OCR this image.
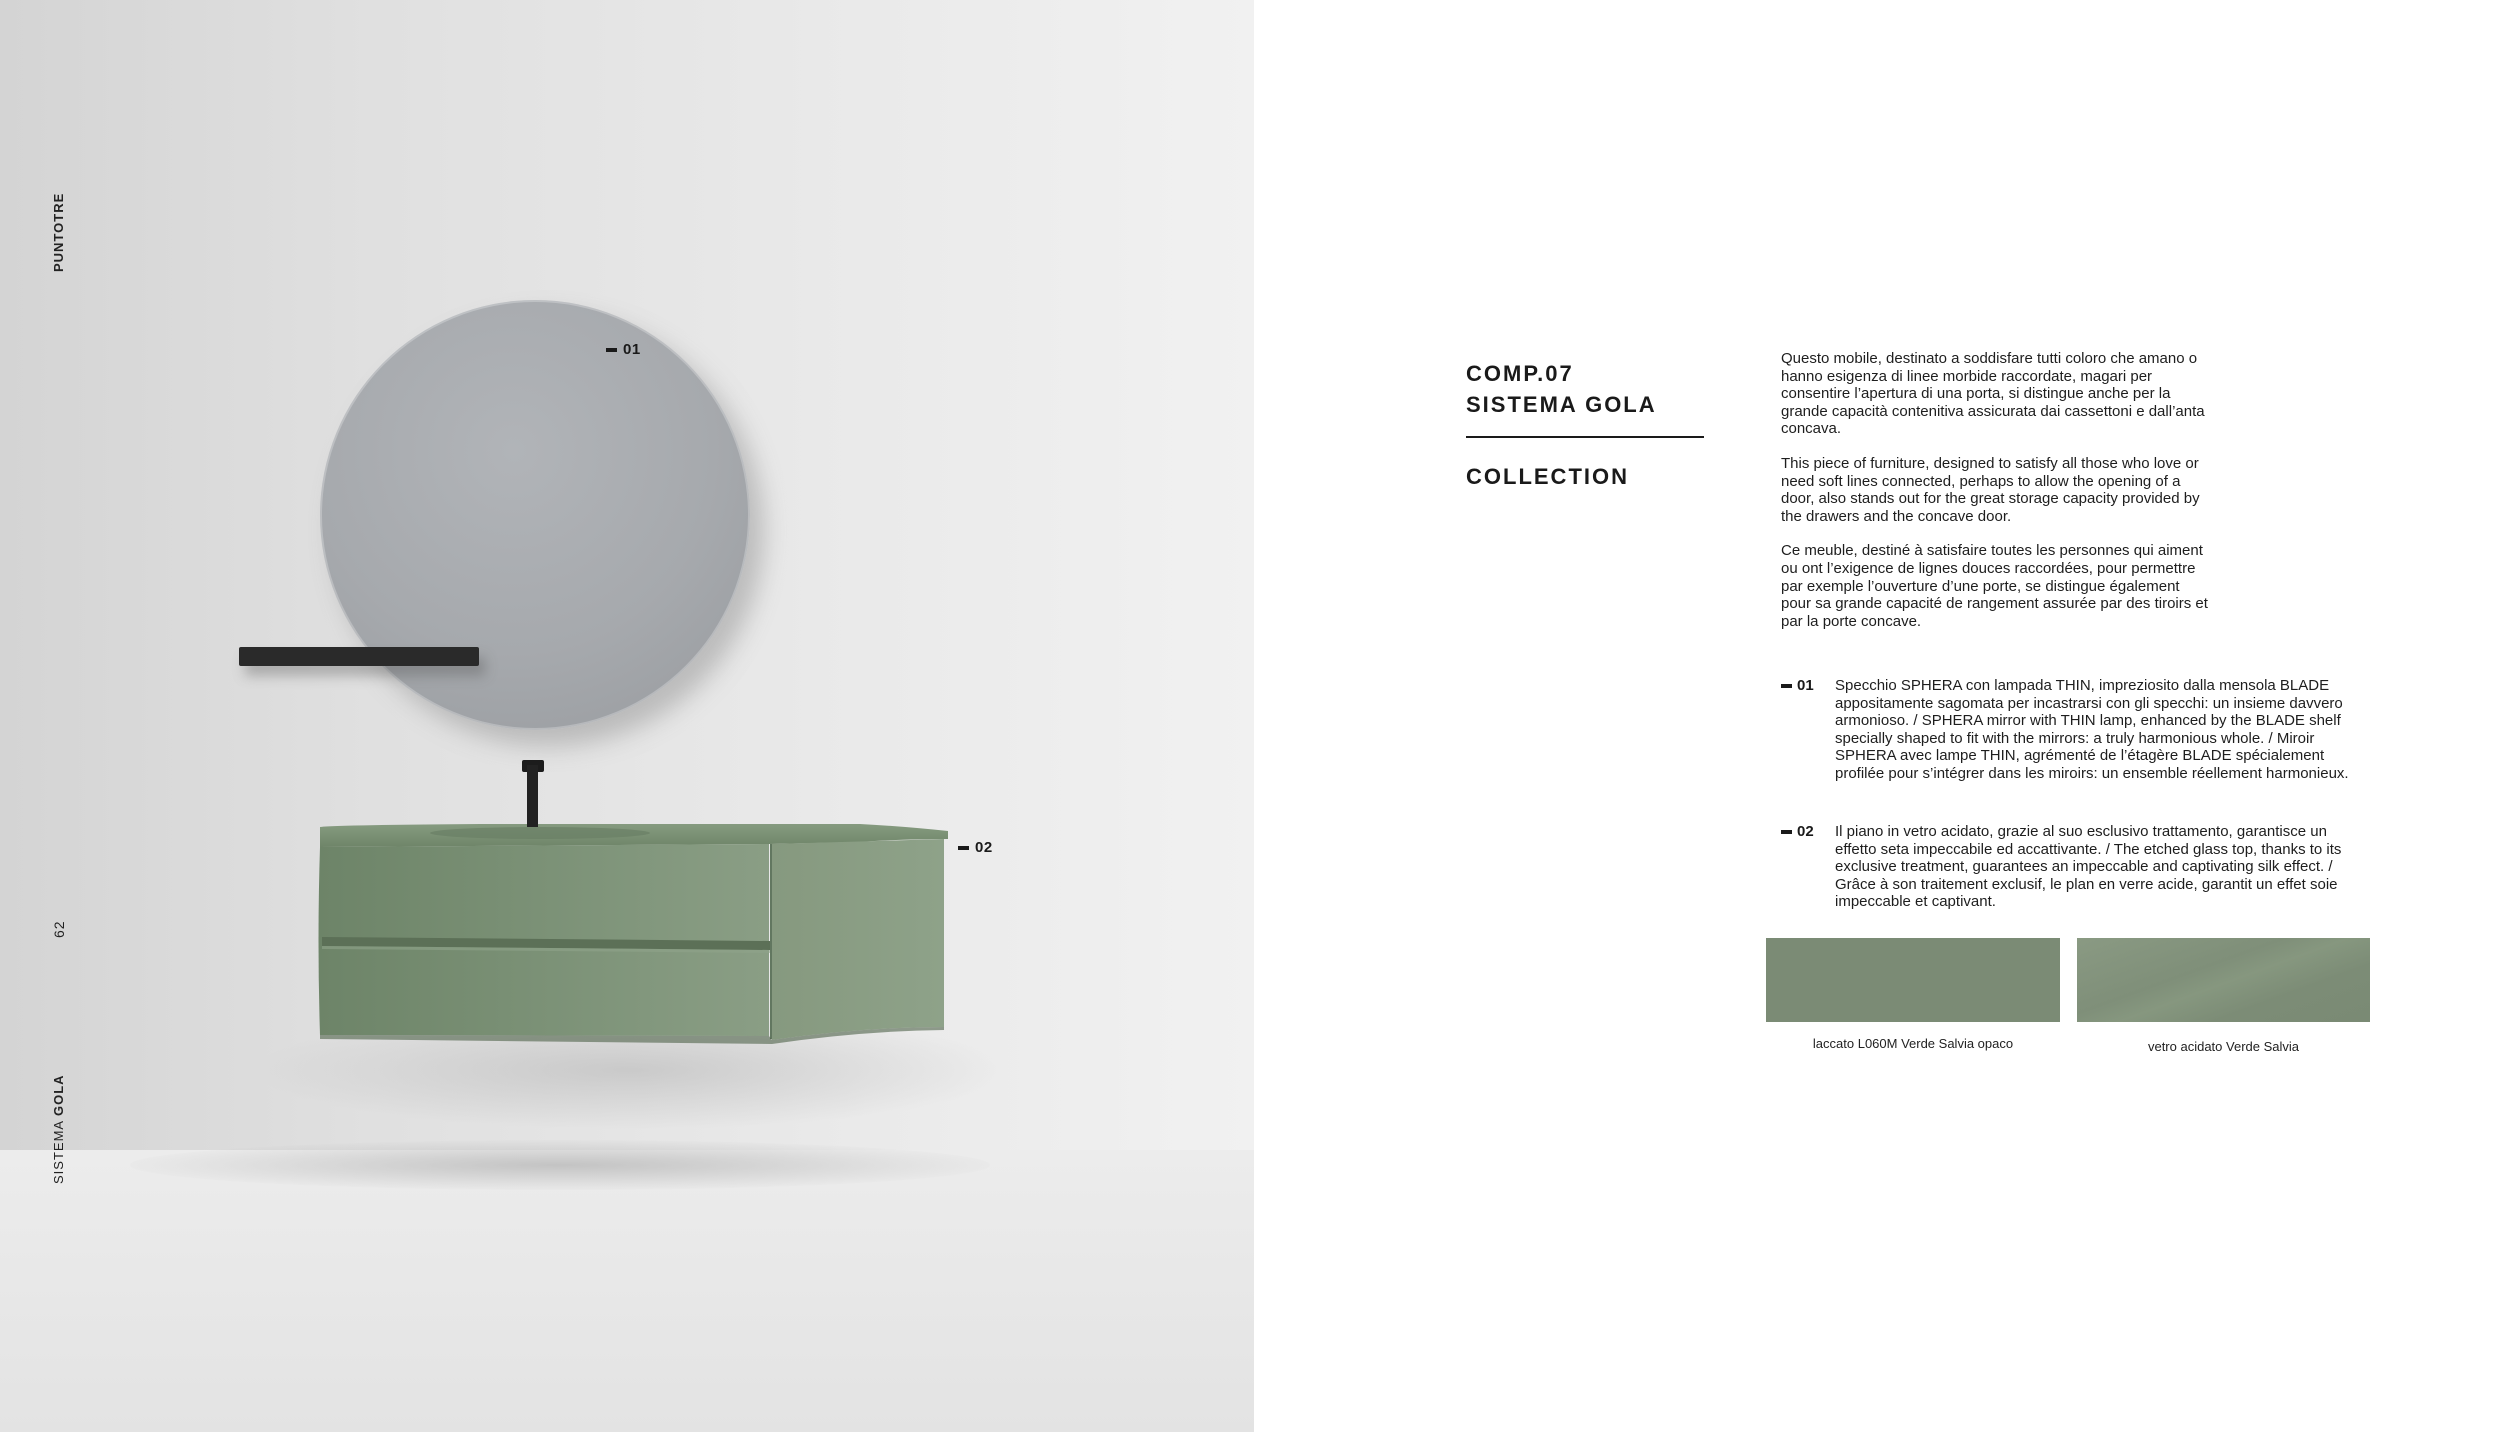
PUNTOTRE
62
SISTEMA GOLA
01
02
COMP.07
SISTEMA GOLA
COLLECTION

Questo mobile, destinato a soddisfare tutti coloro che amano o hanno esigenza di linee morbide raccordate, magari per consentire l’apertura di una porta, si distingue anche per la grande capacità contenitiva assicurata dai cassettoni e dall’anta concava.

This piece of furniture, designed to satisfy all those who love or need soft lines connected, perhaps to allow the opening of a door, also stands out for the great storage capacity provided by the drawers and the concave door.

Ce meuble, destiné à satisfaire toutes les personnes qui aiment ou ont l’exigence de lignes douces raccordées, pour permettre par exemple l’ouverture d’une porte, se distingue également pour sa grande capacité de rangement assurée par des tiroirs et par la porte concave.

01 Specchio SPHERA con lampada THIN, impreziosito dalla mensola BLADE appositamente sagomata per incastrarsi con gli specchi: un insieme davvero armonioso. / SPHERA mirror with THIN lamp, enhanced by the BLADE shelf specially shaped to fit with the mirrors: a truly harmonious whole. / Miroir SPHERA avec lampe THIN, agrémenté de l’étagère BLADE spécialement profilée pour s’intégrer dans les miroirs: un ensemble réellement harmonieux.
02 Il piano in vetro acidato, grazie al suo esclusivo trattamento, garantisce un effetto seta impeccabile ed accattivante. / The etched glass top, thanks to its exclusive treatment, guarantees an impeccable and captivating silk effect. / Grâce à son traitement exclusif, le plan en verre acide, garantit un effet soie impeccable et captivant.
laccato L060M Verde Salvia opaco	vetro acidato Verde Salvia
